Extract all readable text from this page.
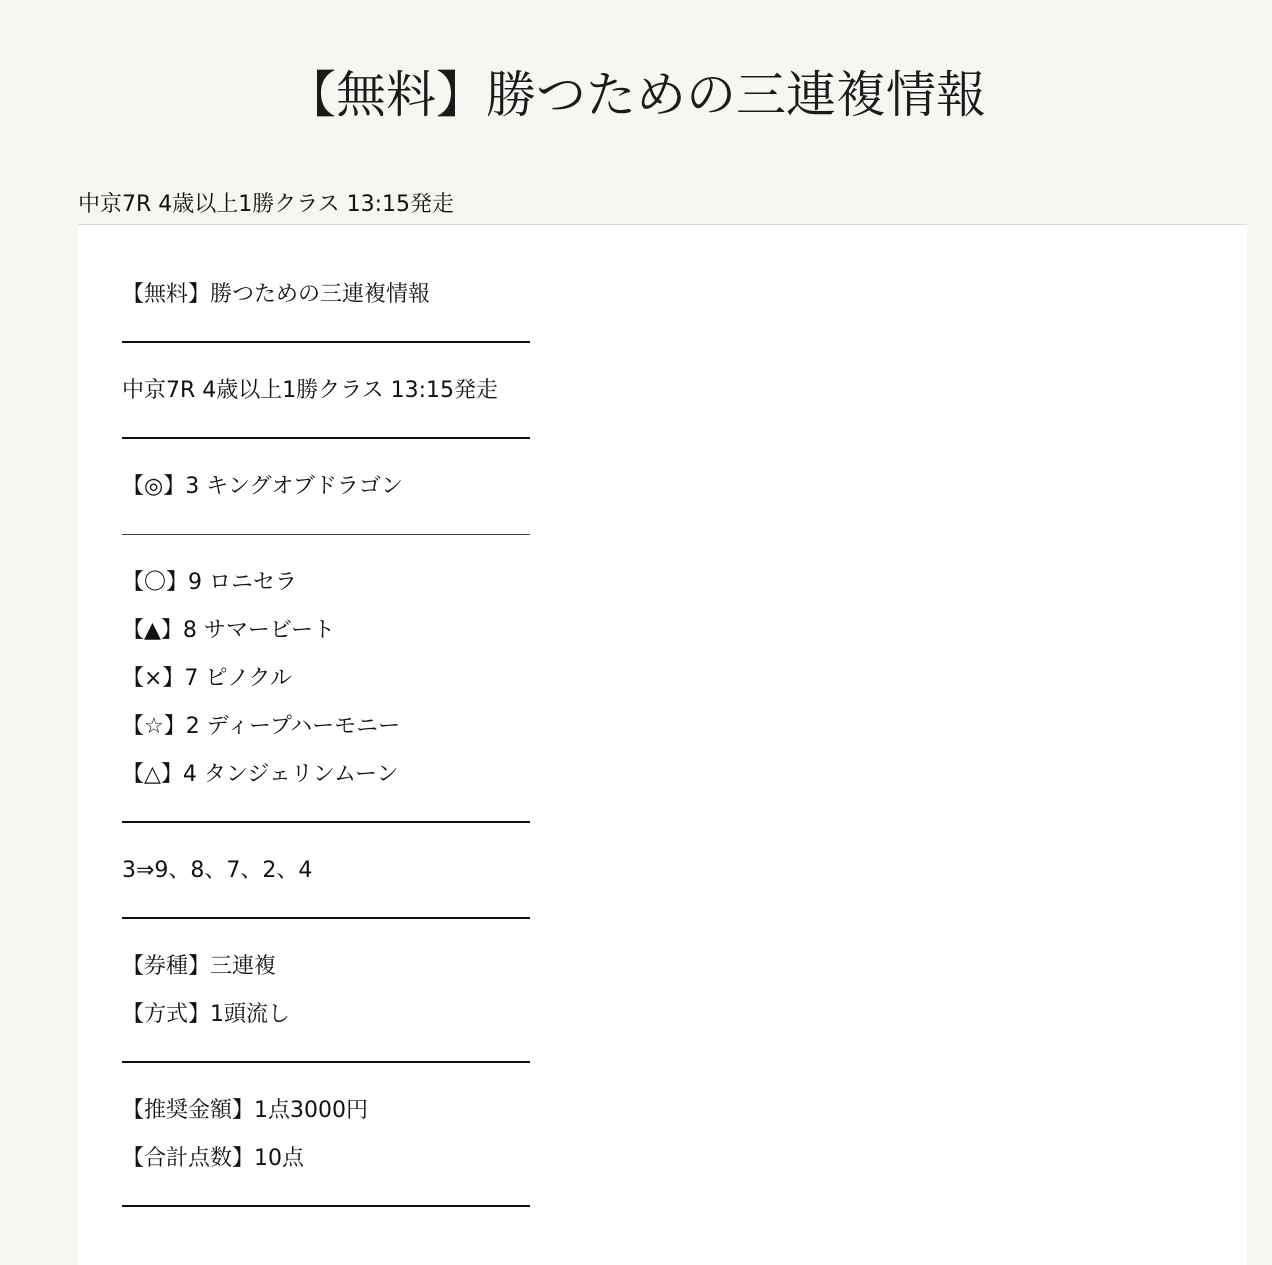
【無料】勝つための三連複情報
中京7R 4歳以上1勝クラス 13:15発走
【無料】勝つための三連複情報
中京7R 4歳以上1勝クラス 13:15発走
【◎】3 キングオブドラゴン
【〇】9 ロニセラ
【▲】8 サマービート
【×】7 ピノクル
【☆】2 ディープハーモニー
【△】4 タンジェリンムーン
3⇒9、8、7、2、4
【券種】三連複
【方式】1頭流し
【推奨金額】1点3000円
【合計点数】10点
